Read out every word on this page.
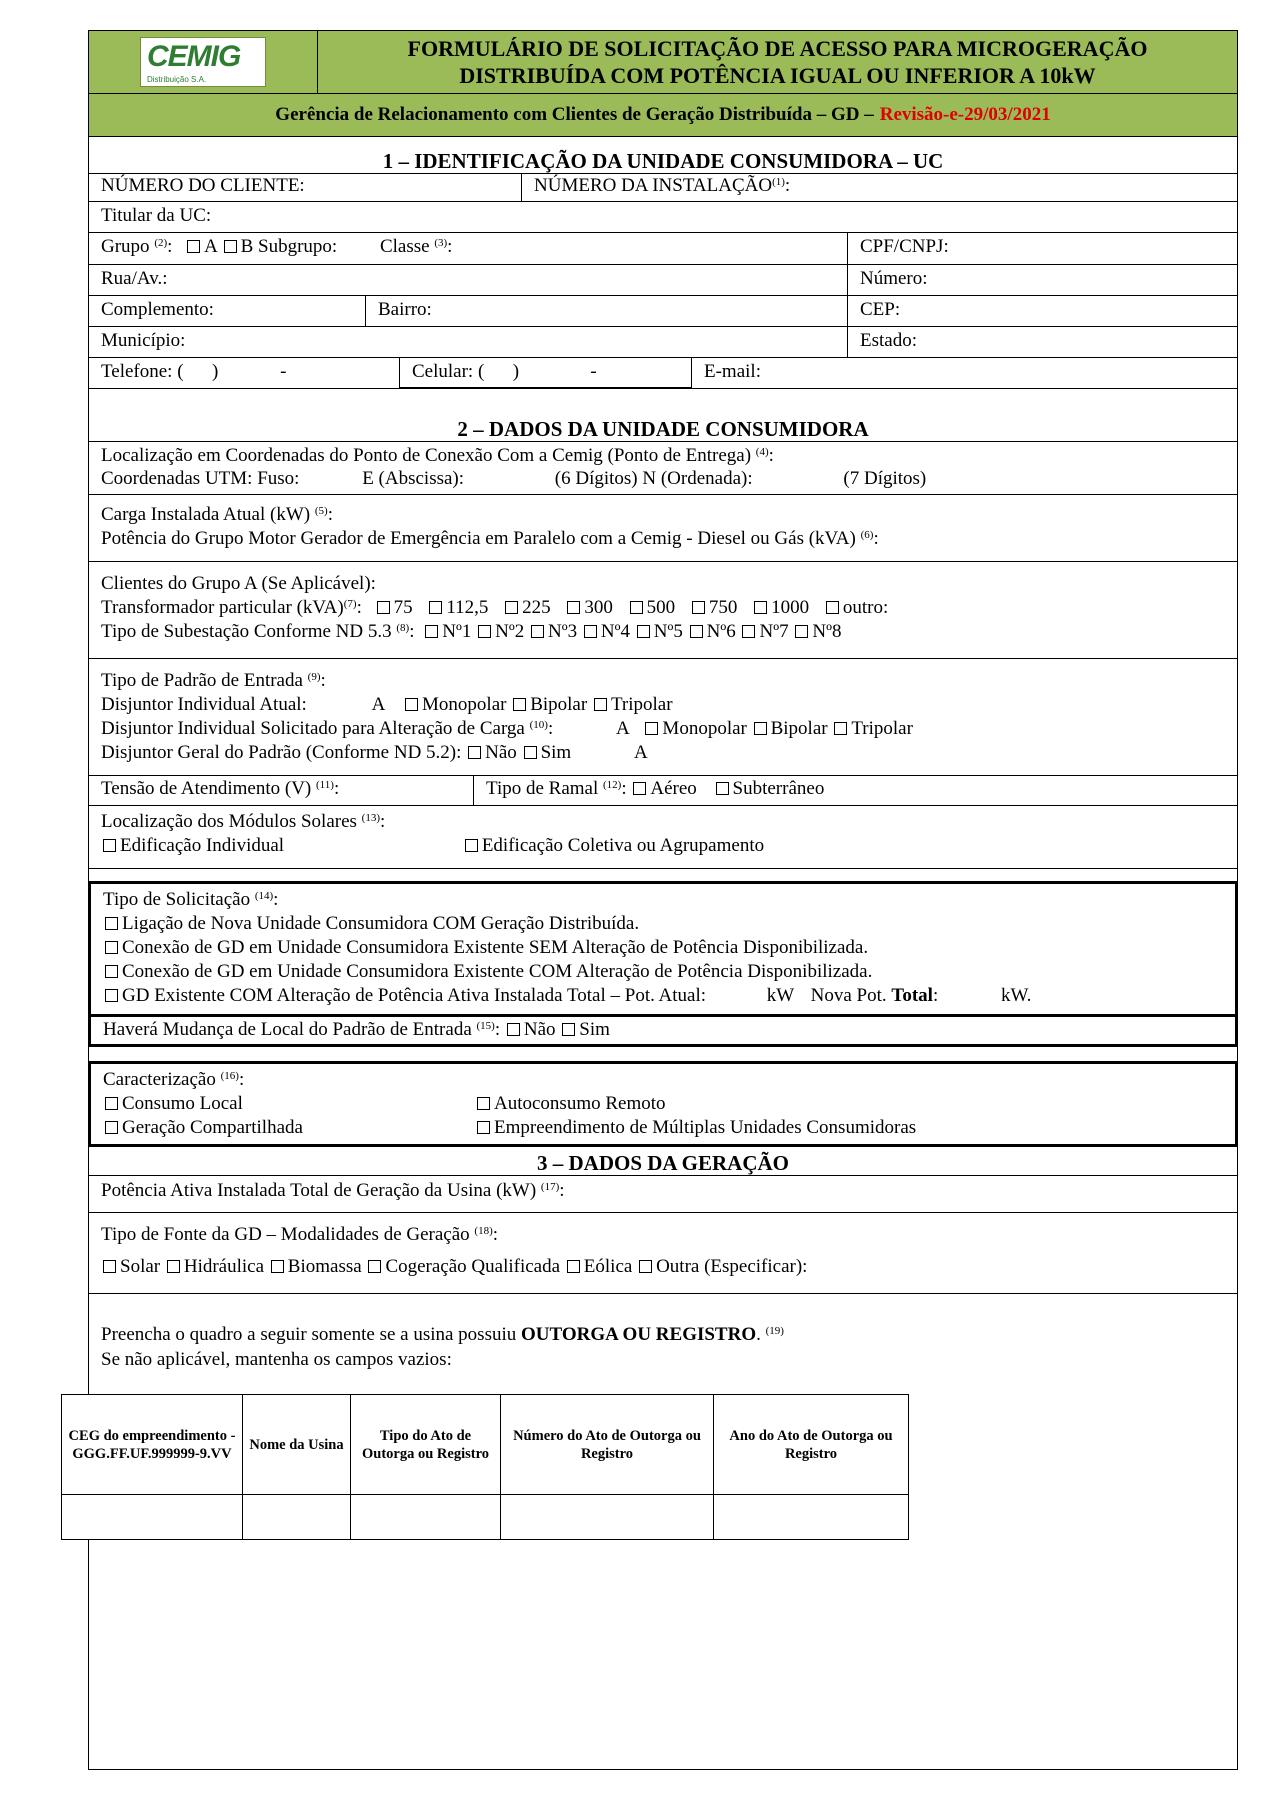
CEMIG
Distribuição S.A.
FORMULÁRIO DE SOLICITAÇÃO DE ACESSO PARA MICROGERAÇÃO
DISTRIBUÍDA COM POTÊNCIA IGUAL OU INFERIOR A 10kW
Gerência de Relacionamento com Clientes de Geração Distribuída – GD – Revisão-e-29/03/2021
1 – IDENTIFICAÇÃO DA UNIDADE CONSUMIDORA – UC
NÚMERO DO CLIENTE:	NÚMERO DA INSTALAÇÃO$^{(1)}$:
Titular da UC:
Grupo $^{(2)}$: A B Subgrupo: Classe $^{(3)}$:	CPF/CNPJ:
Rua/Av.:	Número:
Complemento:	Bairro:	CEP:
Município:	Estado:
Telefone: (      )             -	Celular: (      )               -	E-mail:
2 – DADOS DA UNIDADE CONSUMIDORA
Localização em Coordenadas do Ponto de Conexão Com a Cemig (Ponto de Entrega) $^{(4)}$:
Coordenadas UTM: Fuso:	E (Abscissa):	(6 Dígitos) N (Ordenada):	(7 Dígitos)
Carga Instalada Atual (kW) $^{(5)}$:
Potência do Grupo Motor Gerador de Emergência em Paralelo com a Cemig - Diesel ou Gás (kVA) $^{(6)}$:
Clientes do Grupo A (Se Aplicável):
Transformador particular (kVA)$^{(7)}$: 75 112,5 225 300 500 750 1000 outro:
Tipo de Subestação Conforme ND 5.3 $^{(8)}$: Nº1 Nº2 Nº3 Nº4 Nº5 Nº6 Nº7 Nº8
Tipo de Padrão de Entrada $^{(9)}$:
Disjuntor Individual Atual:	A Monopolar Bipolar Tripolar
Disjuntor Individual Solicitado para Alteração de Carga $^{(10)}$:	A Monopolar Bipolar Tripolar
Disjuntor Geral do Padrão (Conforme ND 5.2): Não Sim	A
Tensão de Atendimento (V) $^{(11)}$:	Tipo de Ramal $^{(12)}$: Aéreo Subterrâneo
Localização dos Módulos Solares $^{(13)}$:
Edificação Individual	Edificação Coletiva ou Agrupamento
Tipo de Solicitação $^{(14)}$:
Ligação de Nova Unidade Consumidora COM Geração Distribuída.
Conexão de GD em Unidade Consumidora Existente SEM Alteração de Potência Disponibilizada.
Conexão de GD em Unidade Consumidora Existente COM Alteração de Potência Disponibilizada.
GD Existente COM Alteração de Potência Ativa Instalada Total – Pot. Atual:	kW Nova Pot. Total:	kW.
Haverá Mudança de Local do Padrão de Entrada $^{(15)}$: Não Sim
Caracterização $^{(16)}$:
Consumo Local	Autoconsumo Remoto
Geração Compartilhada	Empreendimento de Múltiplas Unidades Consumidoras
3 – DADOS DA GERAÇÃO
Potência Ativa Instalada Total de Geração da Usina (kW) $^{(17)}$:
Tipo de Fonte da GD – Modalidades de Geração $^{(18)}$:
Solar Hidráulica Biomassa Cogeração Qualificada Eólica Outra (Especificar):
Preencha o quadro a seguir somente se a usina possuiu OUTORGA OU REGISTRO. $^{(19)}$
Se não aplicável, mantenha os campos vazios:
CEG do empreendimento - GGG.FF.UF.999999-9.VV	Nome da Usina	Tipo do Ato de Outorga ou Registro	Número do Ato de Outorga ou Registro	Ano do Ato de Outorga ou Registro
